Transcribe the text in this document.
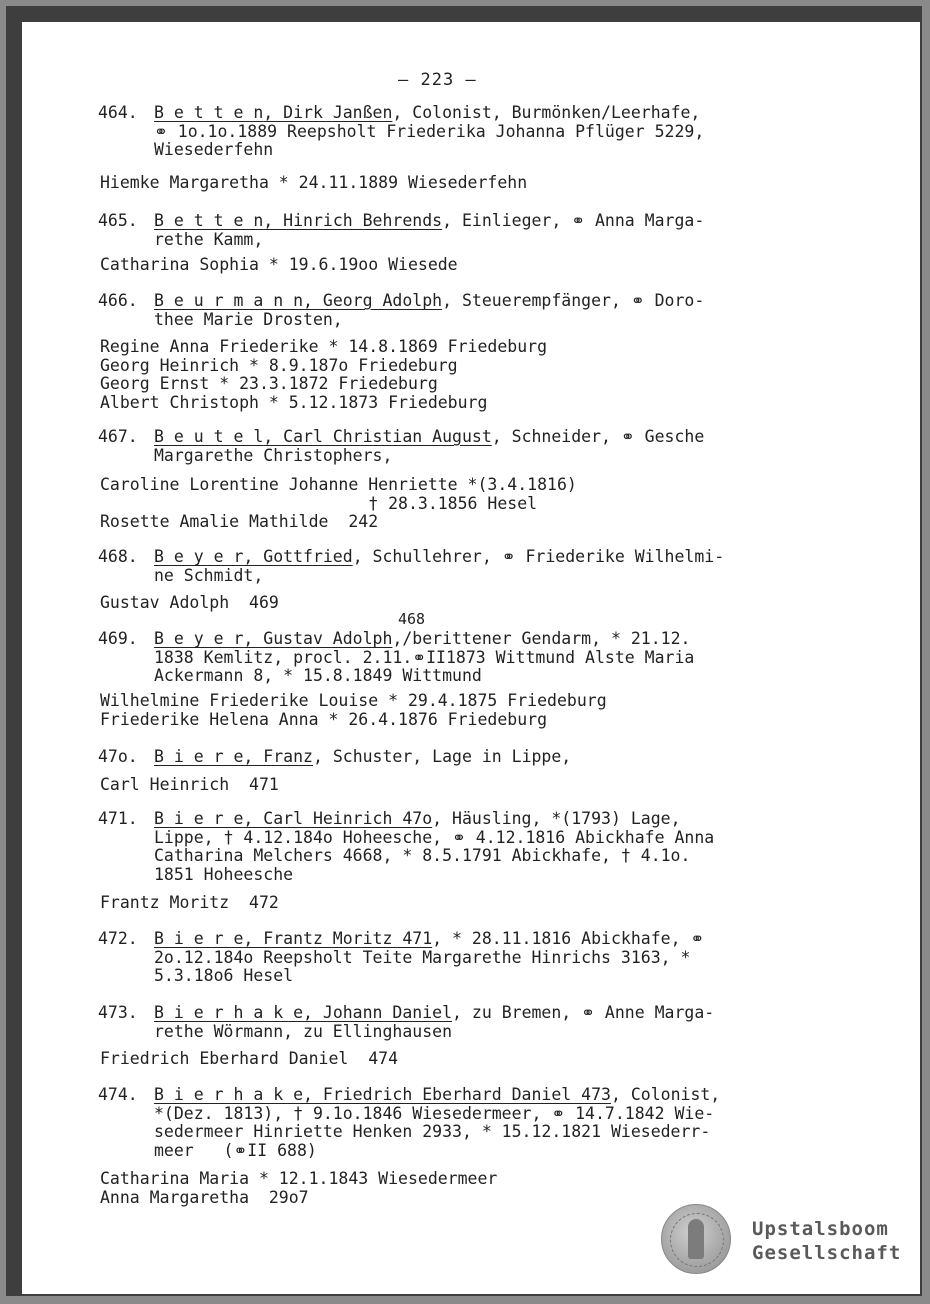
– 223 –
464. B e t t e n, Dirk Janßen, Colonist, Burmönken/Leerhafe,
⚭ 1o.1o.1889 Reepsholt Friederika Johanna Pflüger 5229,
Wiesederfehn
Hiemke Margaretha * 24.11.1889 Wiesederfehn
465. B e t t e n, Hinrich Behrends, Einlieger, ⚭ Anna Marga-
rethe Kamm,
Catharina Sophia * 19.6.19oo Wiesede
466. B e u r m a n n, Georg Adolph, Steuerempfänger, ⚭ Doro-
thee Marie Drosten,
Regine Anna Friederike * 14.8.1869 Friedeburg
Georg Heinrich * 8.9.187o Friedeburg
Georg Ernst * 23.3.1872 Friedeburg
Albert Christoph * 5.12.1873 Friedeburg
467. B e u t e l, Carl Christian August, Schneider, ⚭ Gesche
Margarethe Christophers,
Caroline Lorentine Johanne Henriette *(3.4.1816)
† 28.3.1856 Hesel
Rosette Amalie Mathilde  242
468. B e y e r, Gottfried, Schullehrer, ⚭ Friederike Wilhelmi-
ne Schmidt,
Gustav Adolph  469
469. B e y e r, Gustav Adolph,/berittener Gendarm, * 21.12.
1838 Kemlitz, procl. 2.11.⚭II1873 Wittmund Alste Maria
Ackermann 8, * 15.8.1849 Wittmund
468
Wilhelmine Friederike Louise * 29.4.1875 Friedeburg
Friederike Helena Anna * 26.4.1876 Friedeburg
47o. B i e r e, Franz, Schuster, Lage in Lippe,
Carl Heinrich  471
471. B i e r e, Carl Heinrich 47o, Häusling, *(1793) Lage,
Lippe, † 4.12.184o Hoheesche, ⚭ 4.12.1816 Abickhafe Anna
Catharina Melchers 4668, * 8.5.1791 Abickhafe, † 4.1o.
1851 Hoheesche
Frantz Moritz  472
472. B i e r e, Frantz Moritz 471, * 28.11.1816 Abickhafe, ⚭
2o.12.184o Reepsholt Teite Margarethe Hinrichs 3163, *
5.3.18o6 Hesel
473. B i e r h a k e, Johann Daniel, zu Bremen, ⚭ Anne Marga-
rethe Wörmann, zu Ellinghausen
Friedrich Eberhard Daniel  474
474. B i e r h a k e, Friedrich Eberhard Daniel 473, Colonist,
*(Dez. 1813), † 9.1o.1846 Wiesedermeer, ⚭ 14.7.1842 Wie-
sedermeer Hinriette Henken 2933, * 15.12.1821 Wiesederr-
meer   (⚭II 688)
Catharina Maria * 12.1.1843 Wiesedermeer
Anna Margaretha  29o7
Upstalsboom
Gesellschaft
